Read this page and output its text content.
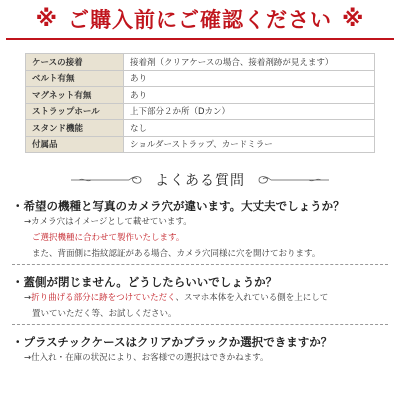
※ ご購入前にご確認ください ※
ケースの接着	接着剤（クリアケースの場合、接着剤跡が見えます）
ベルト有無	あり
マグネット有無	あり
ストラップホール	上下部分２か所（Dカン）
スタンド機能	なし
付属品	ショルダーストラップ、カードミラー
よくある質問
・希望の機種と写真のカメラ穴が違います。大丈夫でしょうか？
→カメラ穴はイメージとして載せています。
ご選択機種に合わせて製作いたします。
また、背面側に指紋認証がある場合、カメラ穴同様に穴を開けております。
・蓋側が閉じません。どうしたらいいでしょうか？
→折り曲げる部分に跡をつけていただく、スマホ本体を入れている側を上にして
置いていただく等、お試しください。
・プラスチックケースはクリアかブラックか選択できますか？
→仕入れ・在庫の状況により、お客様での選択はできかねます。
